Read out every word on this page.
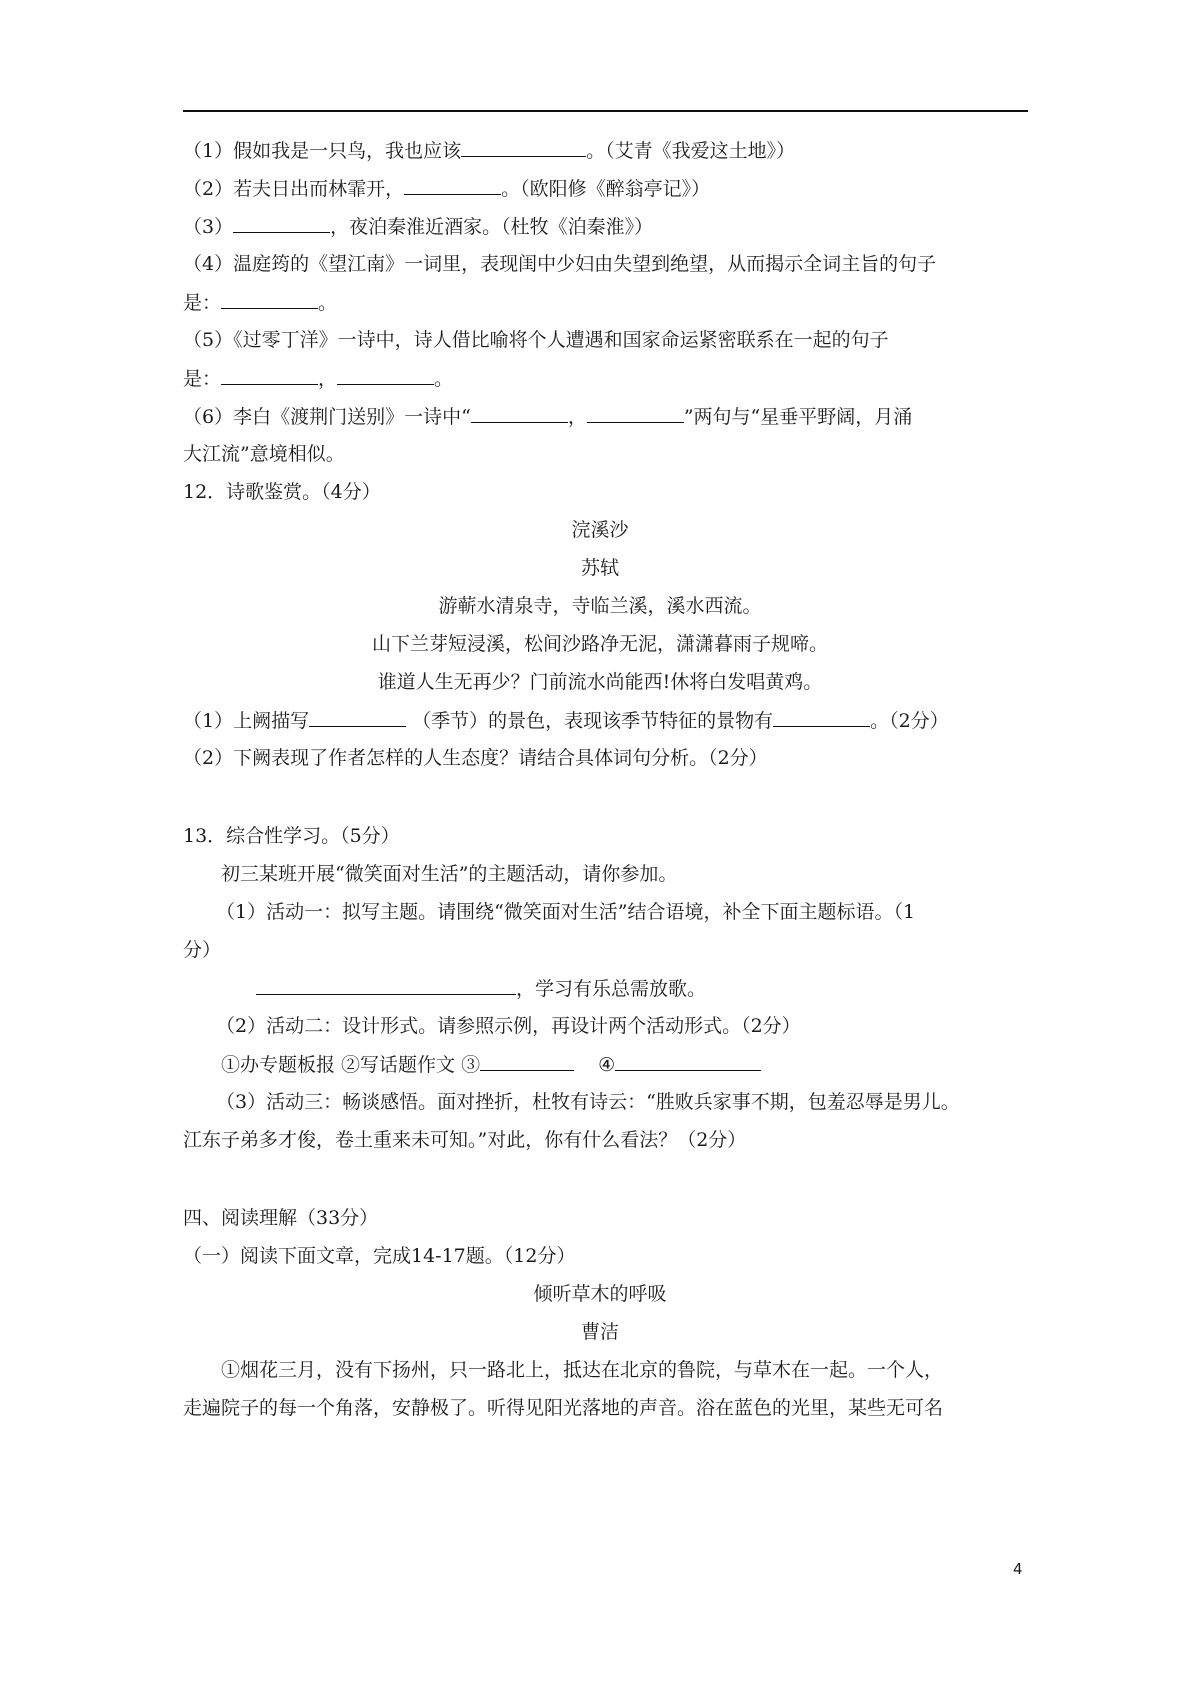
（1）假如我是一只鸟，我也应该	。（艾青《我爱这土地》）
（2）若夫日出而林霏开，	。（欧阳修《醉翁亭记》）
（3）	，夜泊秦淮近酒家。（杜牧《泊秦淮》）
（4）温庭筠的《望江南》一词里，表现闺中少妇由失望到绝望，从而揭示全词主旨的句子
是：	。
（5）《过零丁洋》一诗中，诗人借比喻将个人遭遇和国家命运紧密联系在一起的句子
是：	，	。
（6）李白《渡荆门送别》一诗中“	，	”两句与“星垂平野阔，月涌
大江流”意境相似。
12．诗歌鉴赏。（4分）
浣溪沙
苏轼
游蕲水清泉寺，寺临兰溪，溪水西流。
山下兰芽短浸溪，松间沙路净无泥，潇潇暮雨子规啼。
谁道人生无再少？门前流水尚能西!休将白发唱黄鸡。
（1）上阙描写	（季节）的景色，表现该季节特征的景物有	。（2分）
（2）下阙表现了作者怎样的人生态度？请结合具体词句分析。（2分）
13．综合性学习。（5分）
初三某班开展“微笑面对生活”的主题活动，请你参加。
（1）活动一：拟写主题。请围绕“微笑面对生活”结合语境，补全下面主题标语。（1
分）
，学习有乐总需放歌。
（2）活动二：设计形式。请参照示例，再设计两个活动形式。（2分）
①办专题板报 ②写话题作文 ③	④
（3）活动三：畅谈感悟。面对挫折，杜牧有诗云：“胜败兵家事不期，包羞忍辱是男儿。
江东子弟多才俊，卷土重来未可知。”对此，你有什么看法？（2分）
四、阅读理解（33分）
（一）阅读下面文章，完成14-17题。（12分）
倾听草木的呼吸
曹洁
①烟花三月，没有下扬州，只一路北上，抵达在北京的鲁院，与草木在一起。一个人，
走遍院子的每一个角落，安静极了。听得见阳光落地的声音。浴在蓝色的光里，某些无可名
4
